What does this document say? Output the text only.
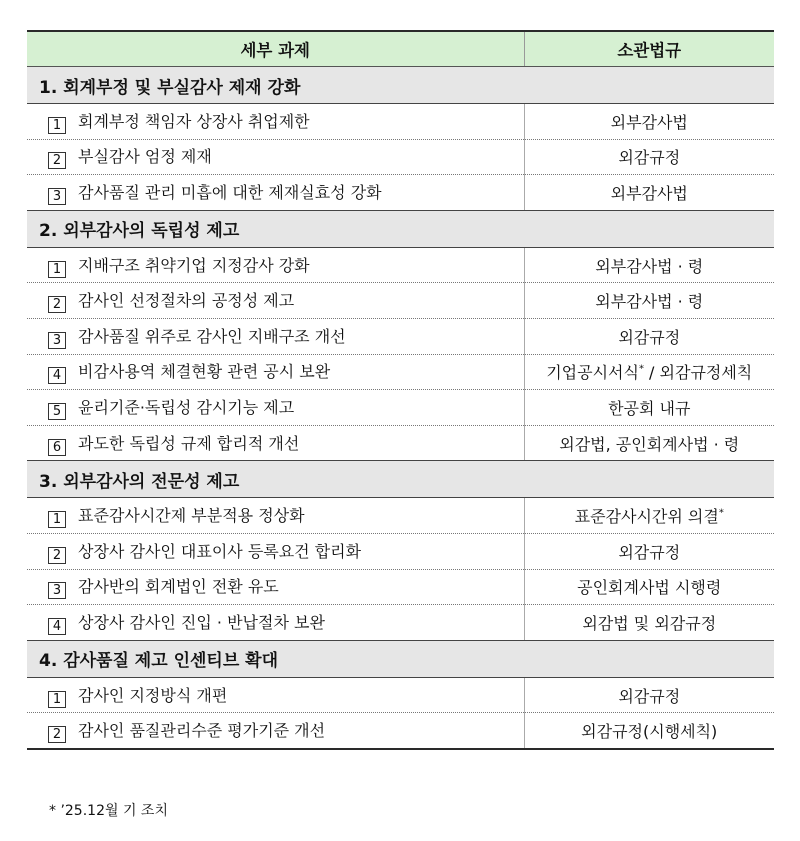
세부 과제	소관법규
1. 회계부정 및 부실감사 제재 강화	
1 회계부정 책임자 상장사 취업제한	외부감사법
2 부실감사 엄정 제재	외감규정
3 감사품질 관리 미흡에 대한 제재실효성 강화	외부감사법
2. 외부감사의 독립성 제고	
1 지배구조 취약기업 지정감사 강화	외부감사법 · 령
2 감사인 선정절차의 공정성 제고	외부감사법 · 령
3 감사품질 위주로 감사인 지배구조 개선	외감규정
4 비감사용역 체결현황 관련 공시 보완	기업공시서식* / 외감규정세칙
5 윤리기준·독립성 감시기능 제고	한공회 내규
6 과도한 독립성 규제 합리적 개선	외감법, 공인회계사법 · 령
3. 외부감사의 전문성 제고	
1 표준감사시간제 부분적용 정상화	표준감사시간위 의결*
2 상장사 감사인 대표이사 등록요건 합리화	외감규정
3 감사반의 회계법인 전환 유도	공인회계사법 시행령
4 상장사 감사인 진입 · 반납절차 보완	외감법 및 외감규정
4. 감사품질 제고 인센티브 확대	
1 감사인 지정방식 개편	외감규정
2 감사인 품질관리수준 평가기준 개선	외감규정(시행세칙)
* ’25.12월 기 조치
